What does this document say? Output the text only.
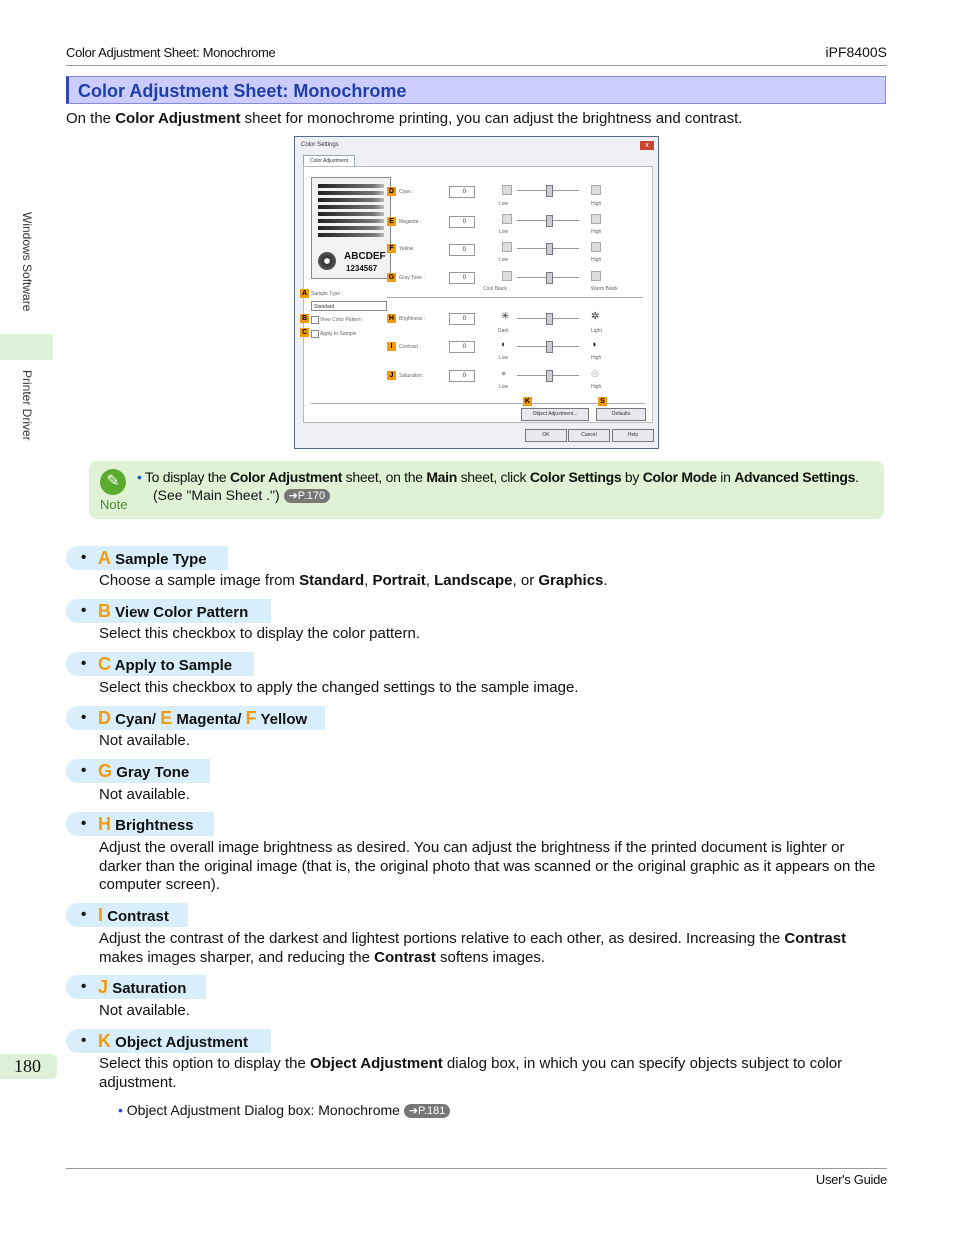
Color Adjustment Sheet: Monochrome	iPF8400S
Windows Software
Printer Driver
180
Color Adjustment Sheet: Monochrome
On the Color Adjustment sheet for monochrome printing, you can adjust the brightness and contrast.
Color Settings	x
Color Adjustment
ABCDEF
1234567
A Sample Type :
Standard
B	View Color Pattern
C	Apply to Sample
D Cyan :	0
Low	High
E	Magenta :	0
Low	High
F	Yellow	0
Low	High
G Gray Tone :	0
Cool Black	Warm Black
H Brightness :	0	✳	✲
Dark	Light
I	Contrast :	0	◐	◑
Low	High
J	Saturation :	0	●	◎
Low	High
K	S
Object Adjustment...	Defaults
OK	Cancel	Help
✎
Note
• To display the Color Adjustment sheet, on the Main sheet, click Color Settings by Color Mode in Advanced Settings.
(See "Main Sheet .") ➔P.170
• A Sample Type
Choose a sample image from Standard, Portrait, Landscape, or Graphics.
• B View Color Pattern
Select this checkbox to display the color pattern.
• C Apply to Sample
Select this checkbox to apply the changed settings to the sample image.
• D Cyan/ E Magenta/ F Yellow
Not available.
• G Gray Tone
Not available.
• H Brightness
Adjust the overall image brightness as desired. You can adjust the brightness if the printed document is lighter or darker than the original image (that is, the original photo that was scanned or the original graphic as it appears on the computer screen).
• I Contrast
Adjust the contrast of the darkest and lightest portions relative to each other, as desired. Increasing the Contrast makes images sharper, and reducing the Contrast softens images.
• J Saturation
Not available.
• K Object Adjustment
Select this option to display the Object Adjustment dialog box, in which you can specify objects subject to color adjustment.
• Object Adjustment Dialog box: Monochrome ➔P.181
User's Guide
